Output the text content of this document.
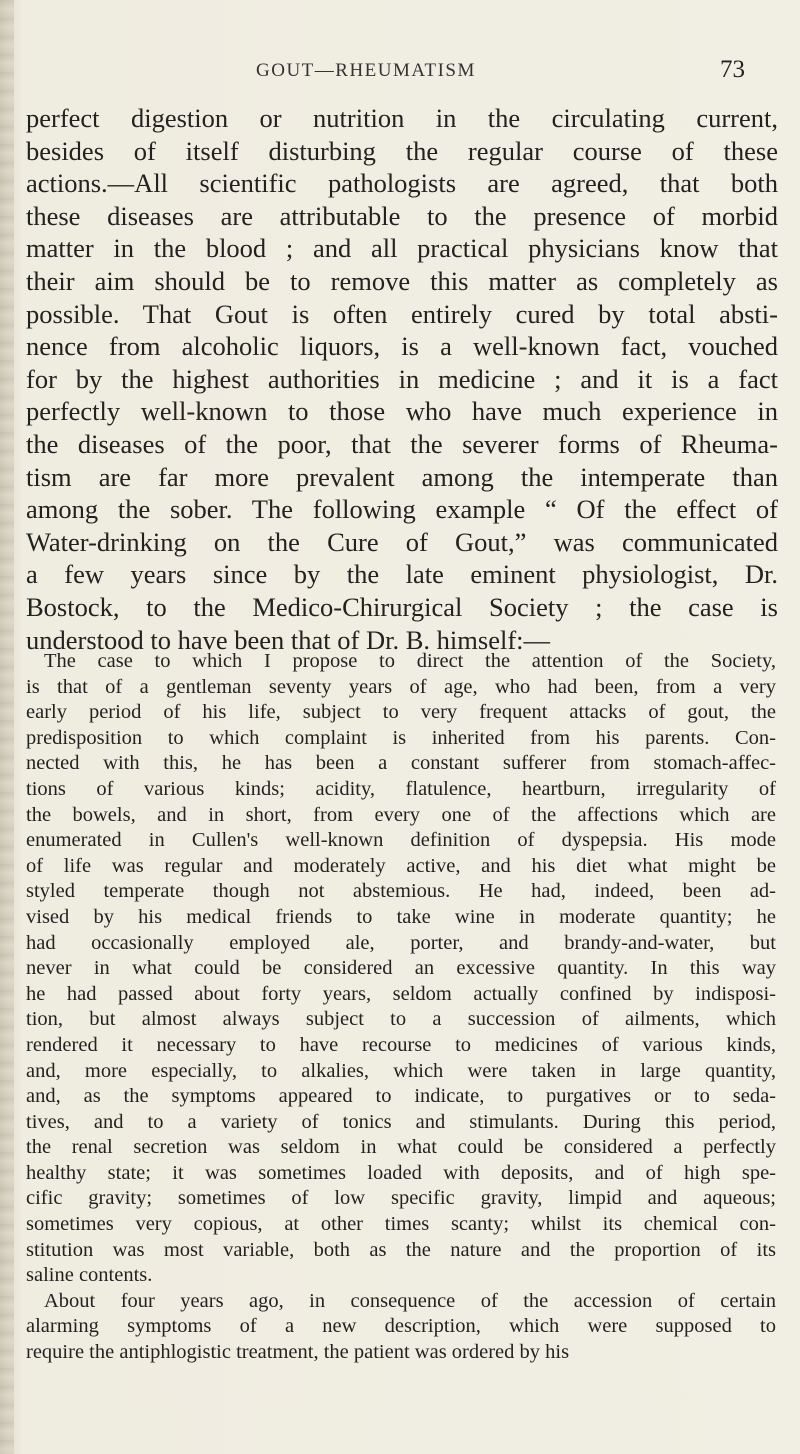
GOUT—RHEUMATISM	73
perfect digestion or nutrition in the circulating current,
besides of itself disturbing the regular course of these
actions.—All scientific pathologists are agreed, that both
these diseases are attributable to the presence of morbid
matter in the blood ; and all practical physicians know that
their aim should be to remove this matter as completely as
possible. That Gout is often entirely cured by total absti-
nence from alcoholic liquors, is a well-known fact, vouched
for by the highest authorities in medicine ; and it is a fact
perfectly well-known to those who have much experience in
the diseases of the poor, that the severer forms of Rheuma-
tism are far more prevalent among the intemperate than
among the sober. The following example “ Of the effect of
Water-drinking on the Cure of Gout,” was communicated
a few years since by the late eminent physiologist, Dr.
Bostock, to the Medico-Chirurgical Society ; the case is
understood to have been that of Dr. B. himself:—
The case to which I propose to direct the attention of the Society,
is that of a gentleman seventy years of age, who had been, from a very
early period of his life, subject to very frequent attacks of gout, the
predisposition to which complaint is inherited from his parents. Con-
nected with this, he has been a constant sufferer from stomach-affec-
tions of various kinds; acidity, flatulence, heartburn, irregularity of
the bowels, and in short, from every one of the affections which are
enumerated in Cullen's well-known definition of dyspepsia. His mode
of life was regular and moderately active, and his diet what might be
styled temperate though not abstemious. He had, indeed, been ad-
vised by his medical friends to take wine in moderate quantity; he
had occasionally employed ale, porter, and brandy-and-water, but
never in what could be considered an excessive quantity. In this way
he had passed about forty years, seldom actually confined by indisposi-
tion, but almost always subject to a succession of ailments, which
rendered it necessary to have recourse to medicines of various kinds,
and, more especially, to alkalies, which were taken in large quantity,
and, as the symptoms appeared to indicate, to purgatives or to seda-
tives, and to a variety of tonics and stimulants. During this period,
the renal secretion was seldom in what could be considered a perfectly
healthy state; it was sometimes loaded with deposits, and of high spe-
cific gravity; sometimes of low specific gravity, limpid and aqueous;
sometimes very copious, at other times scanty; whilst its chemical con-
stitution was most variable, both as the nature and the proportion of its
saline contents.
About four years ago, in consequence of the accession of certain
alarming symptoms of a new description, which were supposed to
require the antiphlogistic treatment, the patient was ordered by his
